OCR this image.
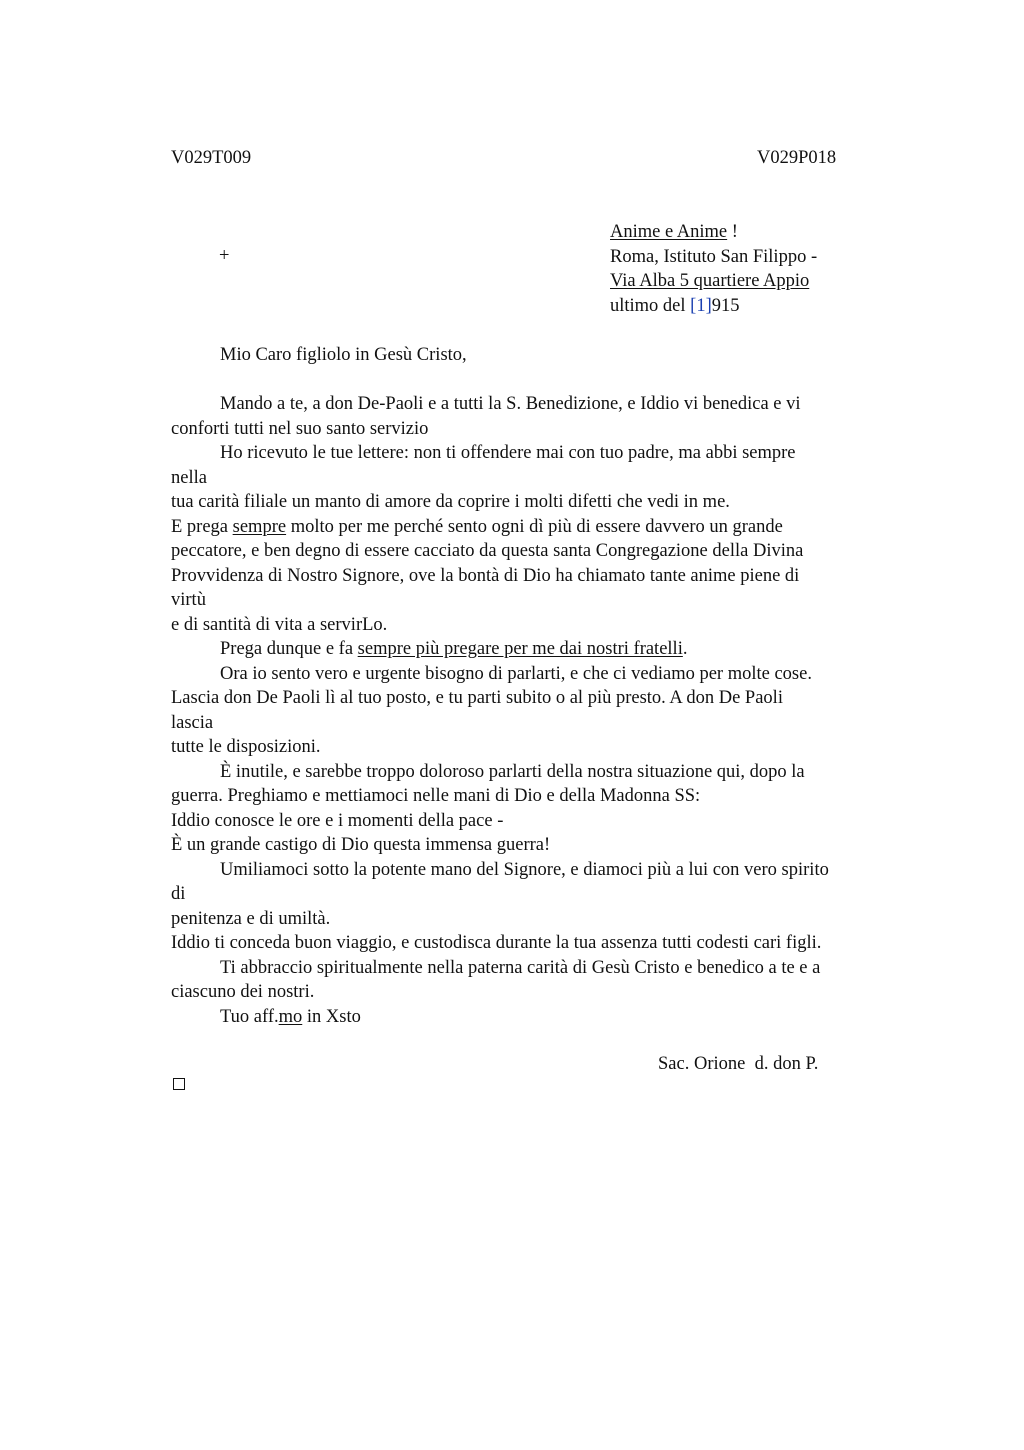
V029T009	V029P018
+
Anime e Anime !
Roma, Istituto San Filippo -
Via Alba 5 quartiere Appio
ultimo del [1]915
Mio Caro figliolo in Gesù Cristo,
Mando a te, a don De-Paoli e a tutti la S. Benedizione, e Iddio vi benedica e vi
conforti tutti nel suo santo servizio
Ho ricevuto le tue lettere: non ti offendere mai con tuo padre, ma abbi sempre
nella
tua carità filiale un manto di amore da coprire i molti difetti che vedi in me.
E prega sempre molto per me perché sento ogni dì più di essere davvero un grande
peccatore, e ben degno di essere cacciato da questa santa Congregazione della Divina
Provvidenza di Nostro Signore, ove la bontà di Dio ha chiamato tante anime piene di
virtù
e di santità di vita a servirLo.
Prega dunque e fa sempre più pregare per me dai nostri fratelli.
Ora io sento vero e urgente bisogno di parlarti, e che ci vediamo per molte cose.
Lascia don De Paoli lì al tuo posto, e tu parti subito o al più presto. A don De Paoli
lascia
tutte le disposizioni.
È inutile, e sarebbe troppo doloroso parlarti della nostra situazione qui, dopo la
guerra. Preghiamo e mettiamoci nelle mani di Dio e della Madonna SS:
Iddio conosce le ore e i momenti della pace -
È un grande castigo di Dio questa immensa guerra!
Umiliamoci sotto la potente mano del Signore, e diamoci più a lui con vero spirito
di
penitenza e di umiltà.
Iddio ti conceda buon viaggio, e custodisca durante la tua assenza tutti codesti cari figli.
Ti abbraccio spiritualmente nella paterna carità di Gesù Cristo e benedico a te e a
ciascuno dei nostri.
Tuo aff.mo in Xsto
Sac. Orione  d. don P.
